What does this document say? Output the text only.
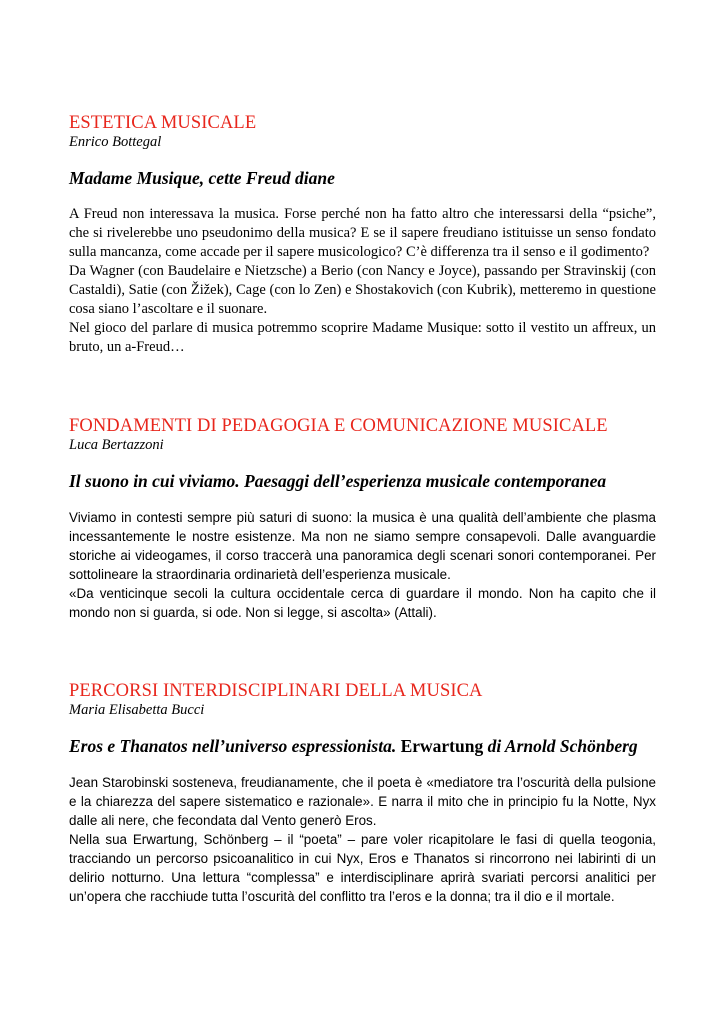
ESTETICA MUSICALE

Enrico Bottegal

Madame Musique, cette Freud diane

A Freud non interessava la musica. Forse perché non ha fatto altro che interessarsi della “psiche”, che si rivelerebbe uno pseudonimo della musica? E se il sapere freudiano istituisse un senso fondato sulla mancanza, come accade per il sapere musicologico? C’è differenza tra il senso e il godimento?

Da Wagner (con Baudelaire e Nietzsche) a Berio (con Nancy e Joyce), passando per Stravinskij (con Castaldi), Satie (con Žižek), Cage (con lo Zen) e Shostakovich (con Kubrik), metteremo in questione cosa siano l’ascoltare e il suonare.

Nel gioco del parlare di musica potremmo scoprire Madame Musique: sotto il vestito un affreux, un bruto, un a-Freud…

FONDAMENTI DI PEDAGOGIA E COMUNICAZIONE MUSICALE

Luca Bertazzoni

Il suono in cui viviamo. Paesaggi dell’esperienza musicale contemporanea

Viviamo in contesti sempre più saturi di suono: la musica è una qualità dell’ambiente che plasma incessantemente le nostre esistenze. Ma non ne siamo sempre consapevoli. Dalle avanguardie storiche ai videogames, il corso traccerà una panoramica degli scenari sonori contemporanei. Per sottolineare la straordinaria ordinarietà dell’esperienza musicale.

«Da venticinque secoli la cultura occidentale cerca di guardare il mondo. Non ha capito che il mondo non si guarda, si ode. Non si legge, si ascolta» (Attali).

PERCORSI INTERDISCIPLINARI DELLA MUSICA

Maria Elisabetta Bucci

Eros e Thanatos nell’universo espressionista. Erwartung di Arnold Schönberg

Jean Starobinski sosteneva, freudianamente, che il poeta è «mediatore tra l’oscurità della pulsione e la chiarezza del sapere sistematico e razionale». E narra il mito che in principio fu la Notte, Nyx dalle ali nere, che fecondata dal Vento generò Eros.

Nella sua Erwartung, Schönberg – il “poeta” – pare voler ricapitolare le fasi di quella teogonia, tracciando un percorso psicoanalitico in cui Nyx, Eros e Thanatos si rincorrono nei labirinti di un delirio notturno. Una lettura “complessa” e interdisciplinare aprirà svariati percorsi analitici per un’opera che racchiude tutta l’oscurità del conflitto tra l’eros e la donna; tra il dio e il mortale.
